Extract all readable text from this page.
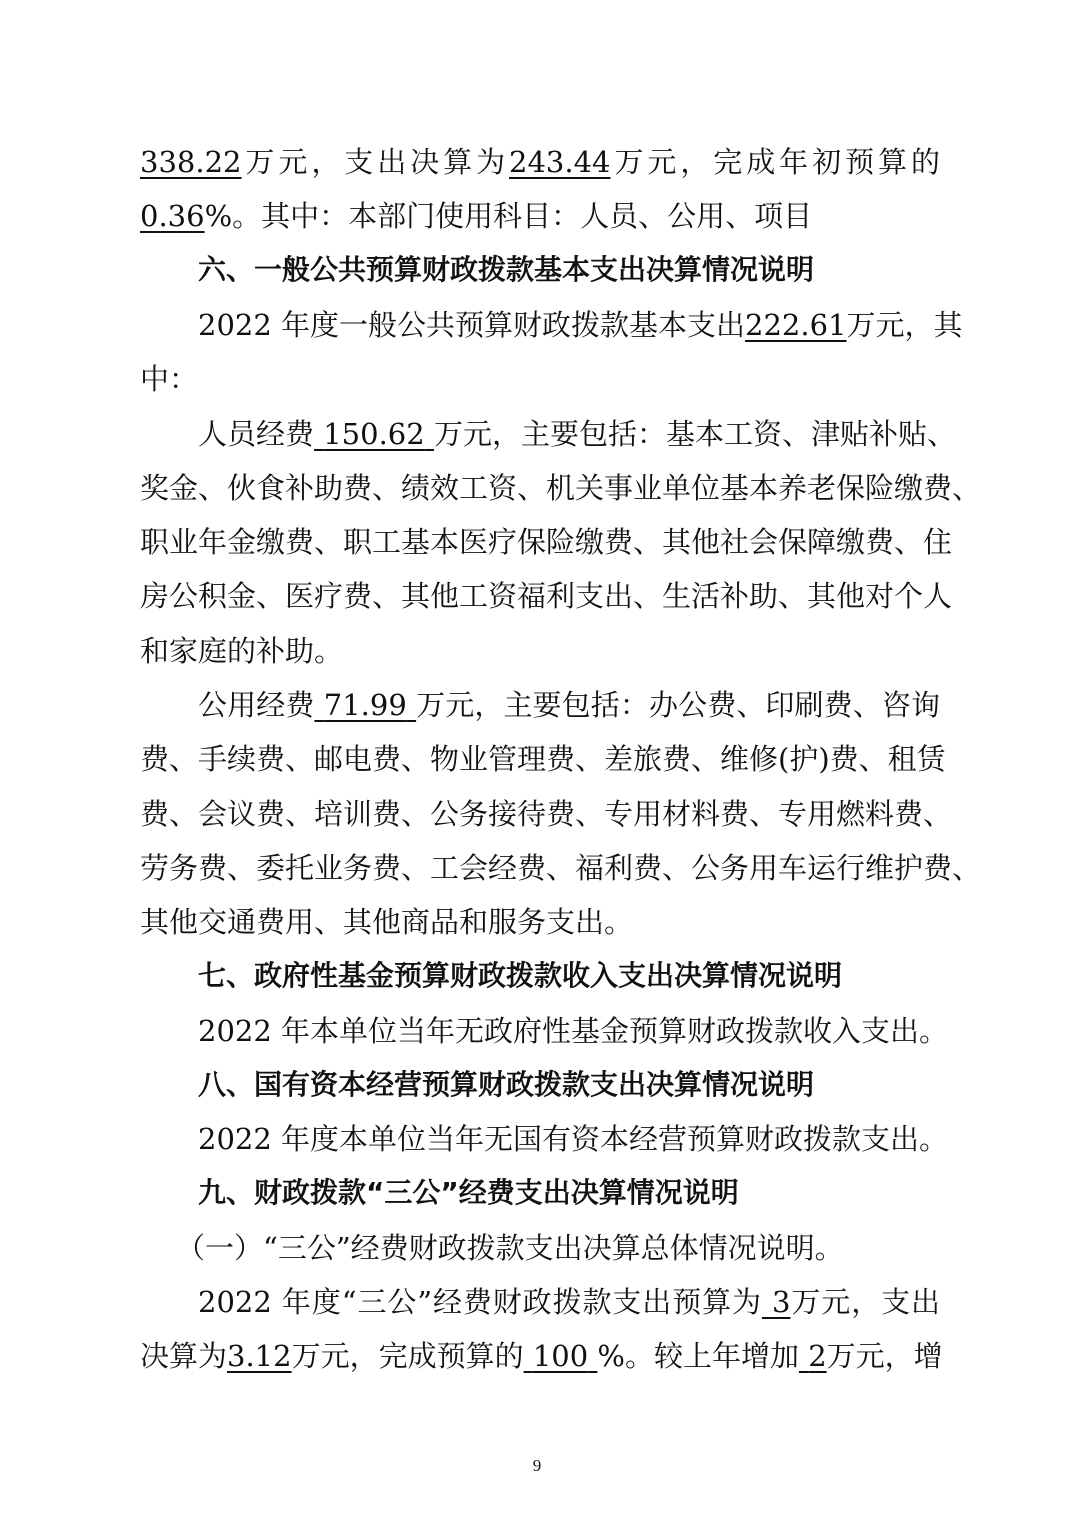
338.22万元，支出决算为243.44万元，完成年初预算的
0.36%。其中：本部门使用科目：人员、公用、项目
六、一般公共预算财政拨款基本支出决算情况说明
2022 年度一般公共预算财政拨款基本支出222.61万元，其
中：
人员经费 150.62 万元，主要包括：基本工资、津贴补贴、
奖金、伙食补助费、绩效工资、机关事业单位基本养老保险缴费、
职业年金缴费、职工基本医疗保险缴费、其他社会保障缴费、住
房公积金、医疗费、其他工资福利支出、生活补助、其他对个人
和家庭的补助。
公用经费 71.99 万元，主要包括：办公费、印刷费、咨询
费、手续费、邮电费、物业管理费、差旅费、维修(护)费、租赁
费、会议费、培训费、公务接待费、专用材料费、专用燃料费、
劳务费、委托业务费、工会经费、福利费、公务用车运行维护费、
其他交通费用、其他商品和服务支出。
七、政府性基金预算财政拨款收入支出决算情况说明
2022 年本单位当年无政府性基金预算财政拨款收入支出。
八、国有资本经营预算财政拨款支出决算情况说明
2022 年度本单位当年无国有资本经营预算财政拨款支出。
九、财政拨款“三公”经费支出决算情况说明
（一）“三公”经费财政拨款支出决算总体情况说明。
2022 年度“三公”经费财政拨款支出预算为 3万元，支出
决算为3.12万元，完成预算的 100 %。较上年增加 2万元，增
9
